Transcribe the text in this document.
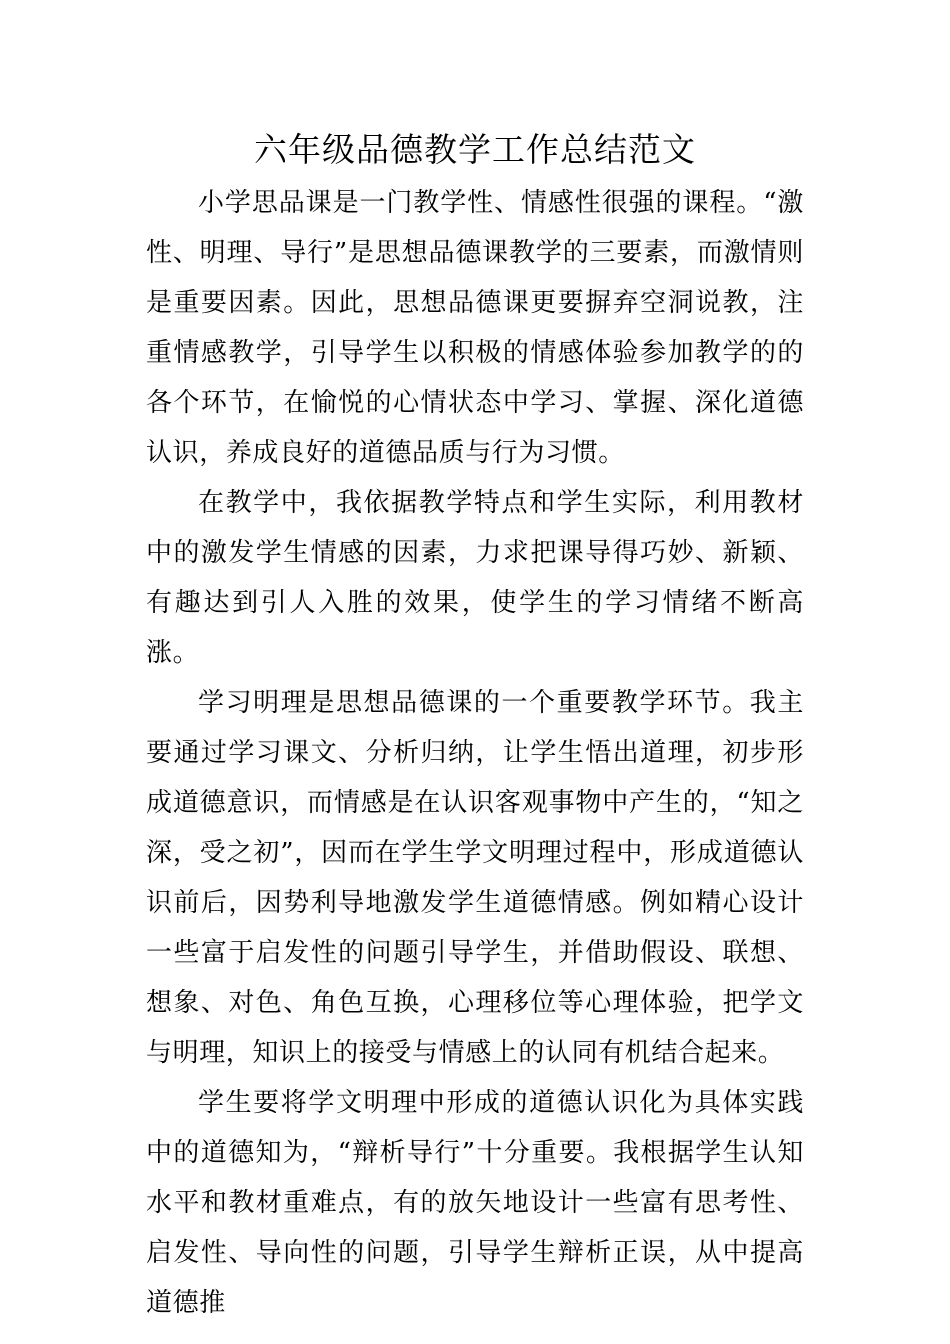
六年级品德教学工作总结范文

小学思品课是一门教学性、情感性很强的课程。“激性、明理、导行”是思想品德课教学的三要素，而激情则是重要因素。因此，思想品德课更要摒弃空洞说教，注重情感教学，引导学生以积极的情感体验参加教学的的各个环节，在愉悦的心情状态中学习、掌握、深化道德认识，养成良好的道德品质与行为习惯。

在教学中，我依据教学特点和学生实际，利用教材中的激发学生情感的因素，力求把课导得巧妙、新颖、有趣达到引人入胜的效果，使学生的学习情绪不断高涨。

学习明理是思想品德课的一个重要教学环节。我主要通过学习课文、分析归纳，让学生悟出道理，初步形成道德意识，而情感是在认识客观事物中产生的，“知之深，受之初”，因而在学生学文明理过程中，形成道德认识前后，因势利导地激发学生道德情感。例如精心设计一些富于启发性的问题引导学生，并借助假设、联想、想象、对色、角色互换，心理移位等心理体验，把学文与明理，知识上的接受与情感上的认同有机结合起来。

学生要将学文明理中形成的道德认识化为具体实践中的道德知为，“辩析导行”十分重要。我根据学生认知水平和教材重难点，有的放矢地设计一些富有思考性、启发性、导向性的问题，引导学生辩析正误，从中提高道德推
